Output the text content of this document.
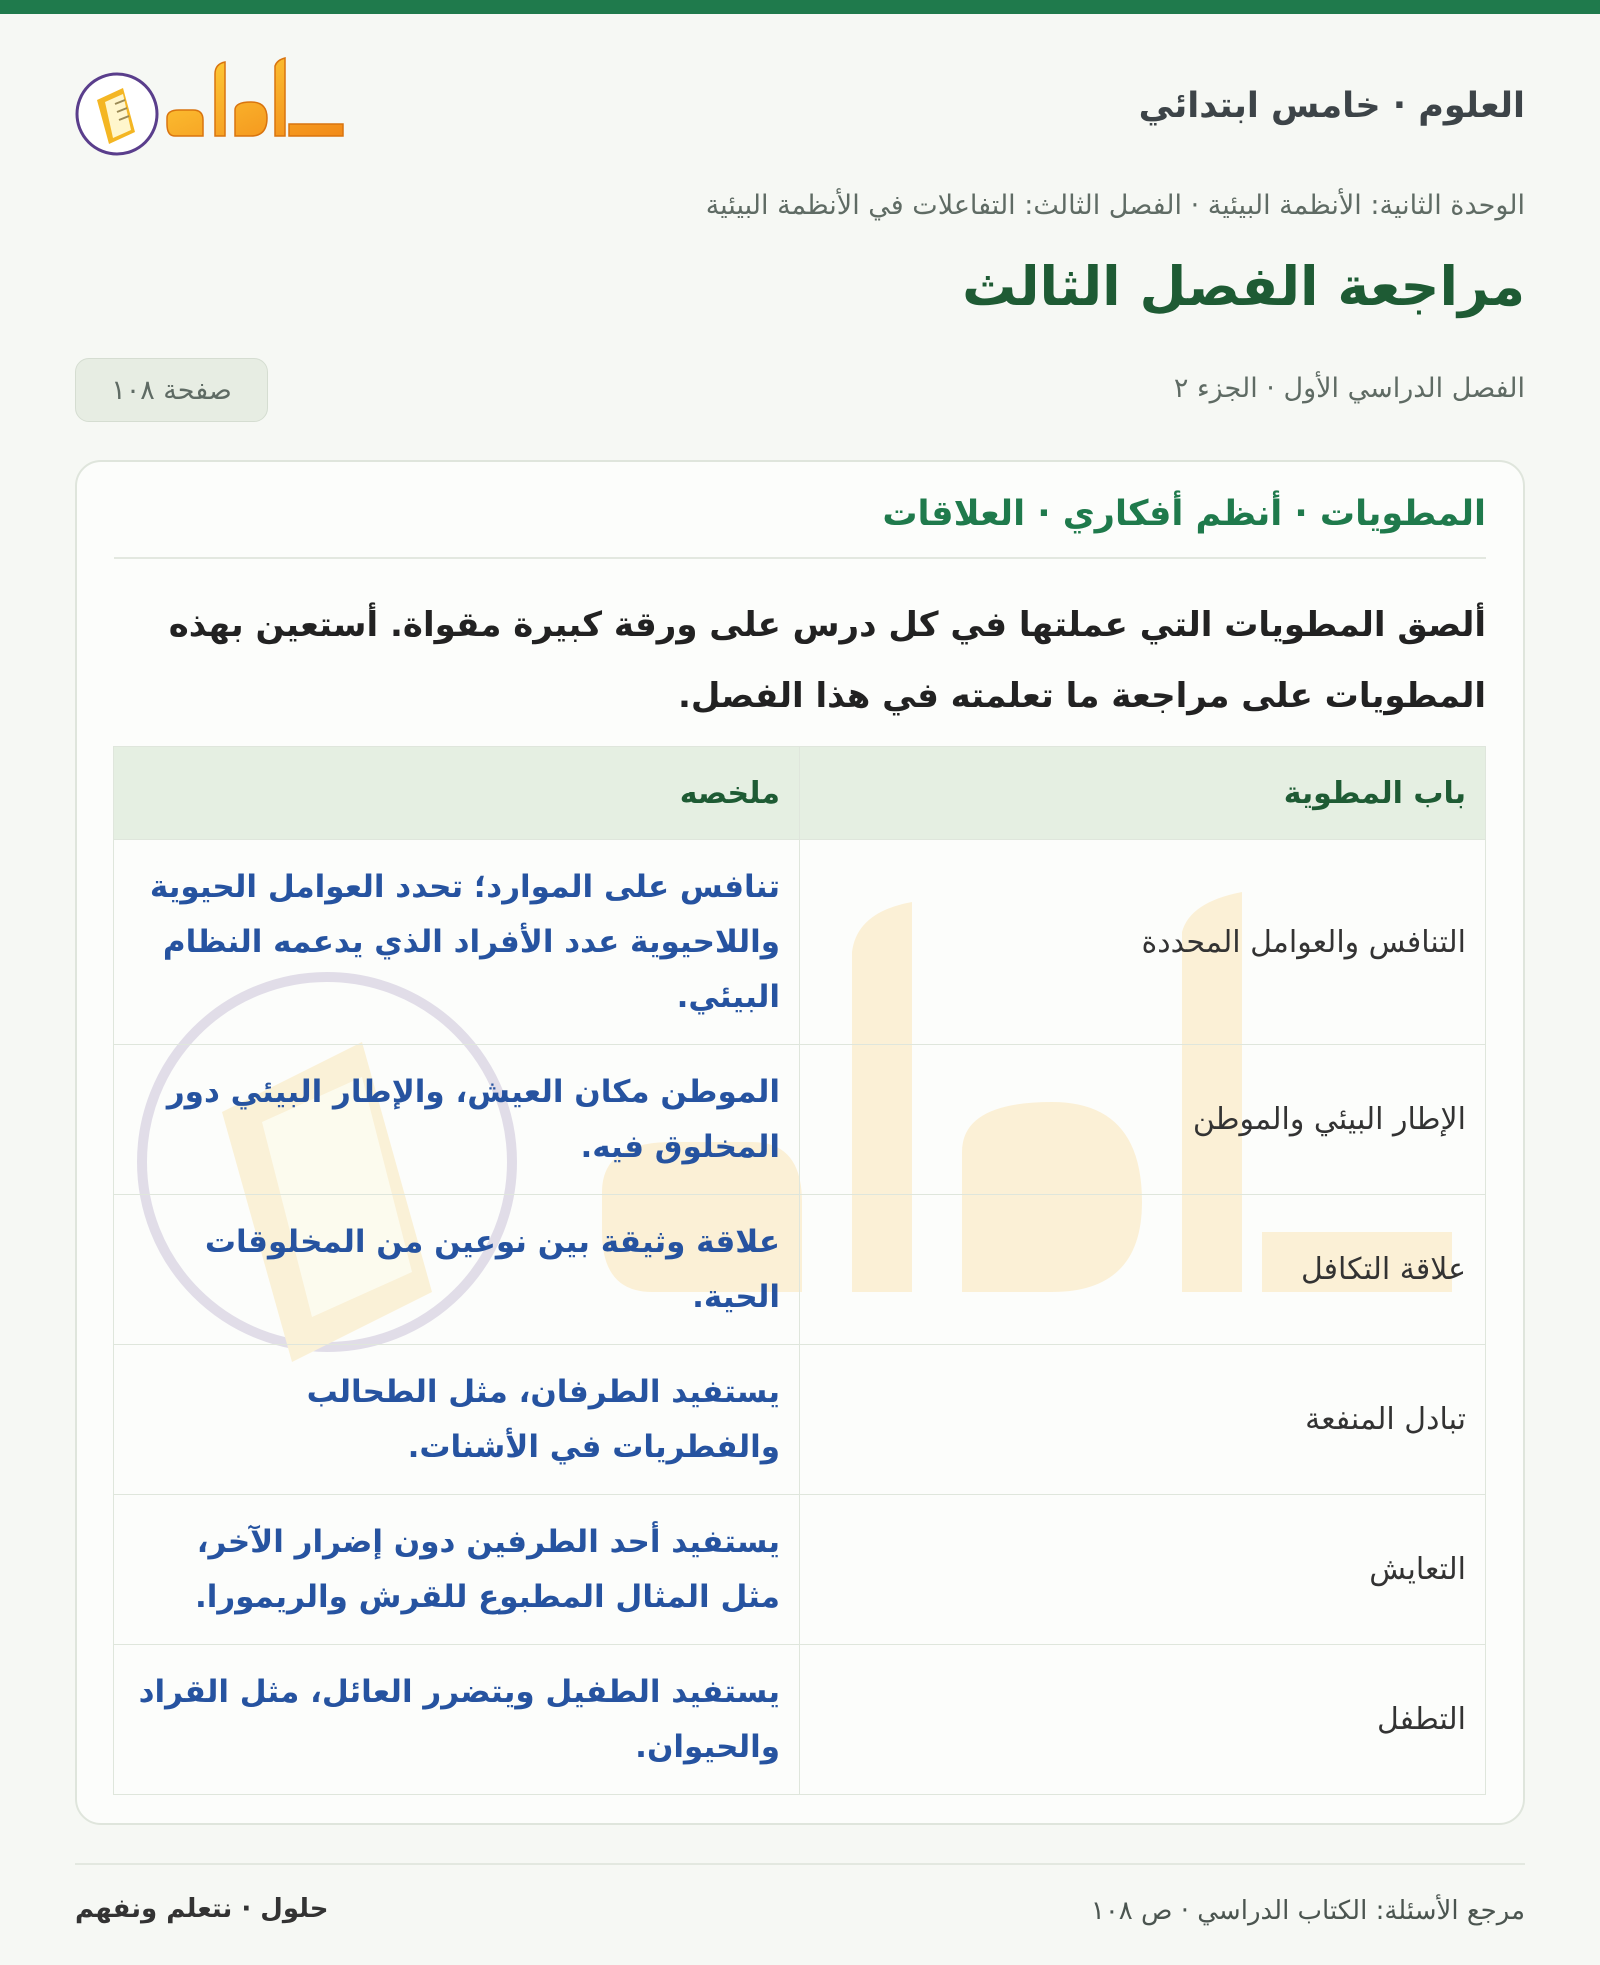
العلوم · خامس ابتدائي
الوحدة الثانية: الأنظمة البيئية · الفصل الثالث: التفاعلات في الأنظمة البيئية
مراجعة الفصل الثالث
الفصل الدراسي الأول · الجزء ٢
صفحة ١٠٨
المطويات · أنظم أفكاري · العلاقات
ألصق المطويات التي عملتها في كل درس على ورقة كبيرة مقواة. أستعين بهذه المطويات على مراجعة ما تعلمته في هذا الفصل.
باب المطوية	ملخصه
التنافس والعوامل المحددة	تنافس على الموارد؛ تحدد العوامل الحيوية واللاحيوية عدد الأفراد الذي يدعمه النظام البيئي.
الإطار البيئي والموطن	الموطن مكان العيش، والإطار البيئي دور المخلوق فيه.
علاقة التكافل	علاقة وثيقة بين نوعين من المخلوقات الحية.
تبادل المنفعة	يستفيد الطرفان، مثل الطحالب والفطريات في الأشنات.
التعايش	يستفيد أحد الطرفين دون إضرار الآخر، مثل المثال المطبوع للقرش والريمورا.
التطفل	يستفيد الطفيل ويتضرر العائل، مثل القراد والحيوان.
مرجع الأسئلة: الكتاب الدراسي · ص ١٠٨
حلول · نتعلم ونفهم
